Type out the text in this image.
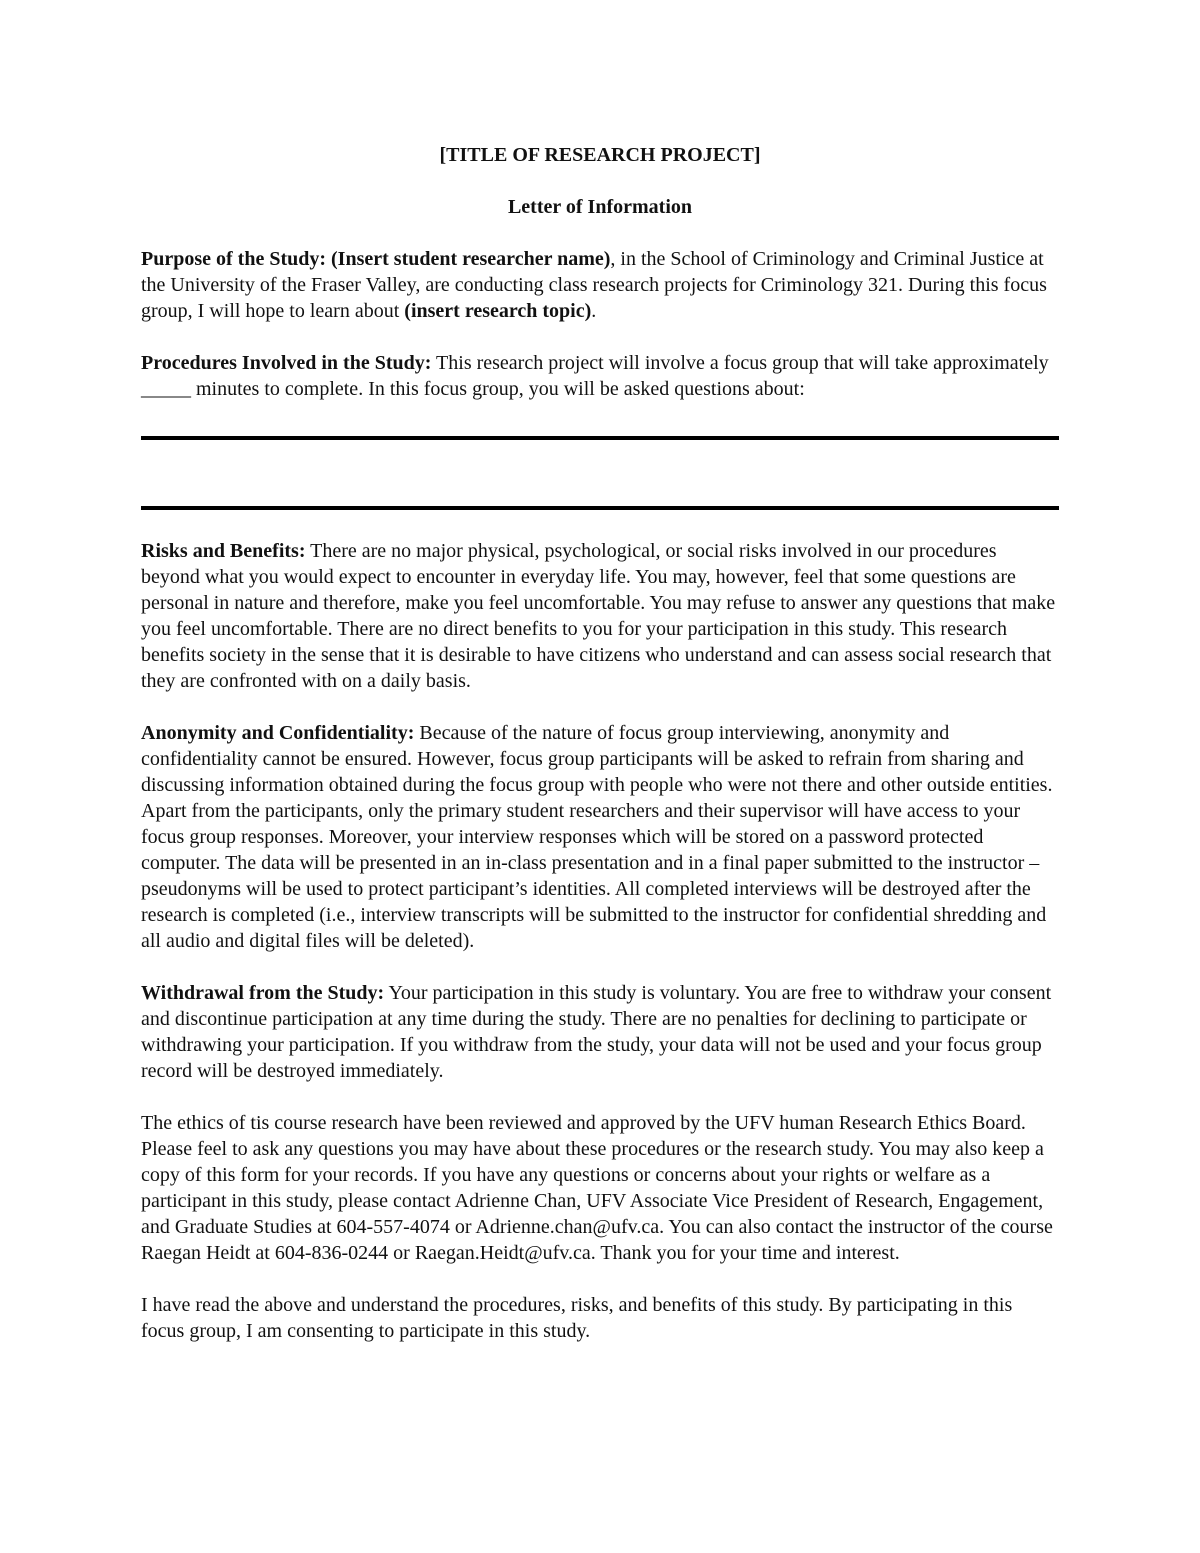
[TITLE OF RESEARCH PROJECT]
Letter of Information

Purpose of the Study: (Insert student researcher name), in the School of Criminology and Criminal Justice at the University of the Fraser Valley, are conducting class research projects for Criminology 321. During this focus group, I will hope to learn about (insert research topic).

Procedures Involved in the Study: This research project will involve a focus group that will take approximately _____ minutes to complete. In this focus group, you will be asked questions about:

Risks and Benefits: There are no major physical, psychological, or social risks involved in our procedures beyond what you would expect to encounter in everyday life. You may, however, feel that some questions are personal in nature and therefore, make you feel uncomfortable. You may refuse to answer any questions that make you feel uncomfortable. There are no direct benefits to you for your participation in this study. This research benefits society in the sense that it is desirable to have citizens who understand and can assess social research that they are confronted with on a daily basis.

Anonymity and Confidentiality: Because of the nature of focus group interviewing, anonymity and confidentiality cannot be ensured. However, focus group participants will be asked to refrain from sharing and discussing information obtained during the focus group with people who were not there and other outside entities. Apart from the participants, only the primary student researchers and their supervisor will have access to your focus group responses. Moreover, your interview responses which will be stored on a password protected computer. The data will be presented in an in-class presentation and in a final paper submitted to the instructor – pseudonyms will be used to protect participant’s identities. All completed interviews will be destroyed after the research is completed (i.e., interview transcripts will be submitted to the instructor for confidential shredding and all audio and digital files will be deleted).

Withdrawal from the Study: Your participation in this study is voluntary. You are free to withdraw your consent and discontinue participation at any time during the study. There are no penalties for declining to participate or withdrawing your participation. If you withdraw from the study, your data will not be used and your focus group record will be destroyed immediately.

The ethics of tis course research have been reviewed and approved by the UFV human Research Ethics Board. Please feel to ask any questions you may have about these procedures or the research study. You may also keep a copy of this form for your records. If you have any questions or concerns about your rights or welfare as a participant in this study, please contact Adrienne Chan, UFV Associate Vice President of Research, Engagement, and Graduate Studies at 604-557-4074 or Adrienne.chan@ufv.ca. You can also contact the instructor of the course Raegan Heidt at 604-836-0244 or Raegan.Heidt@ufv.ca. Thank you for your time and interest.

I have read the above and understand the procedures, risks, and benefits of this study. By participating in this focus group, I am consenting to participate in this study.
